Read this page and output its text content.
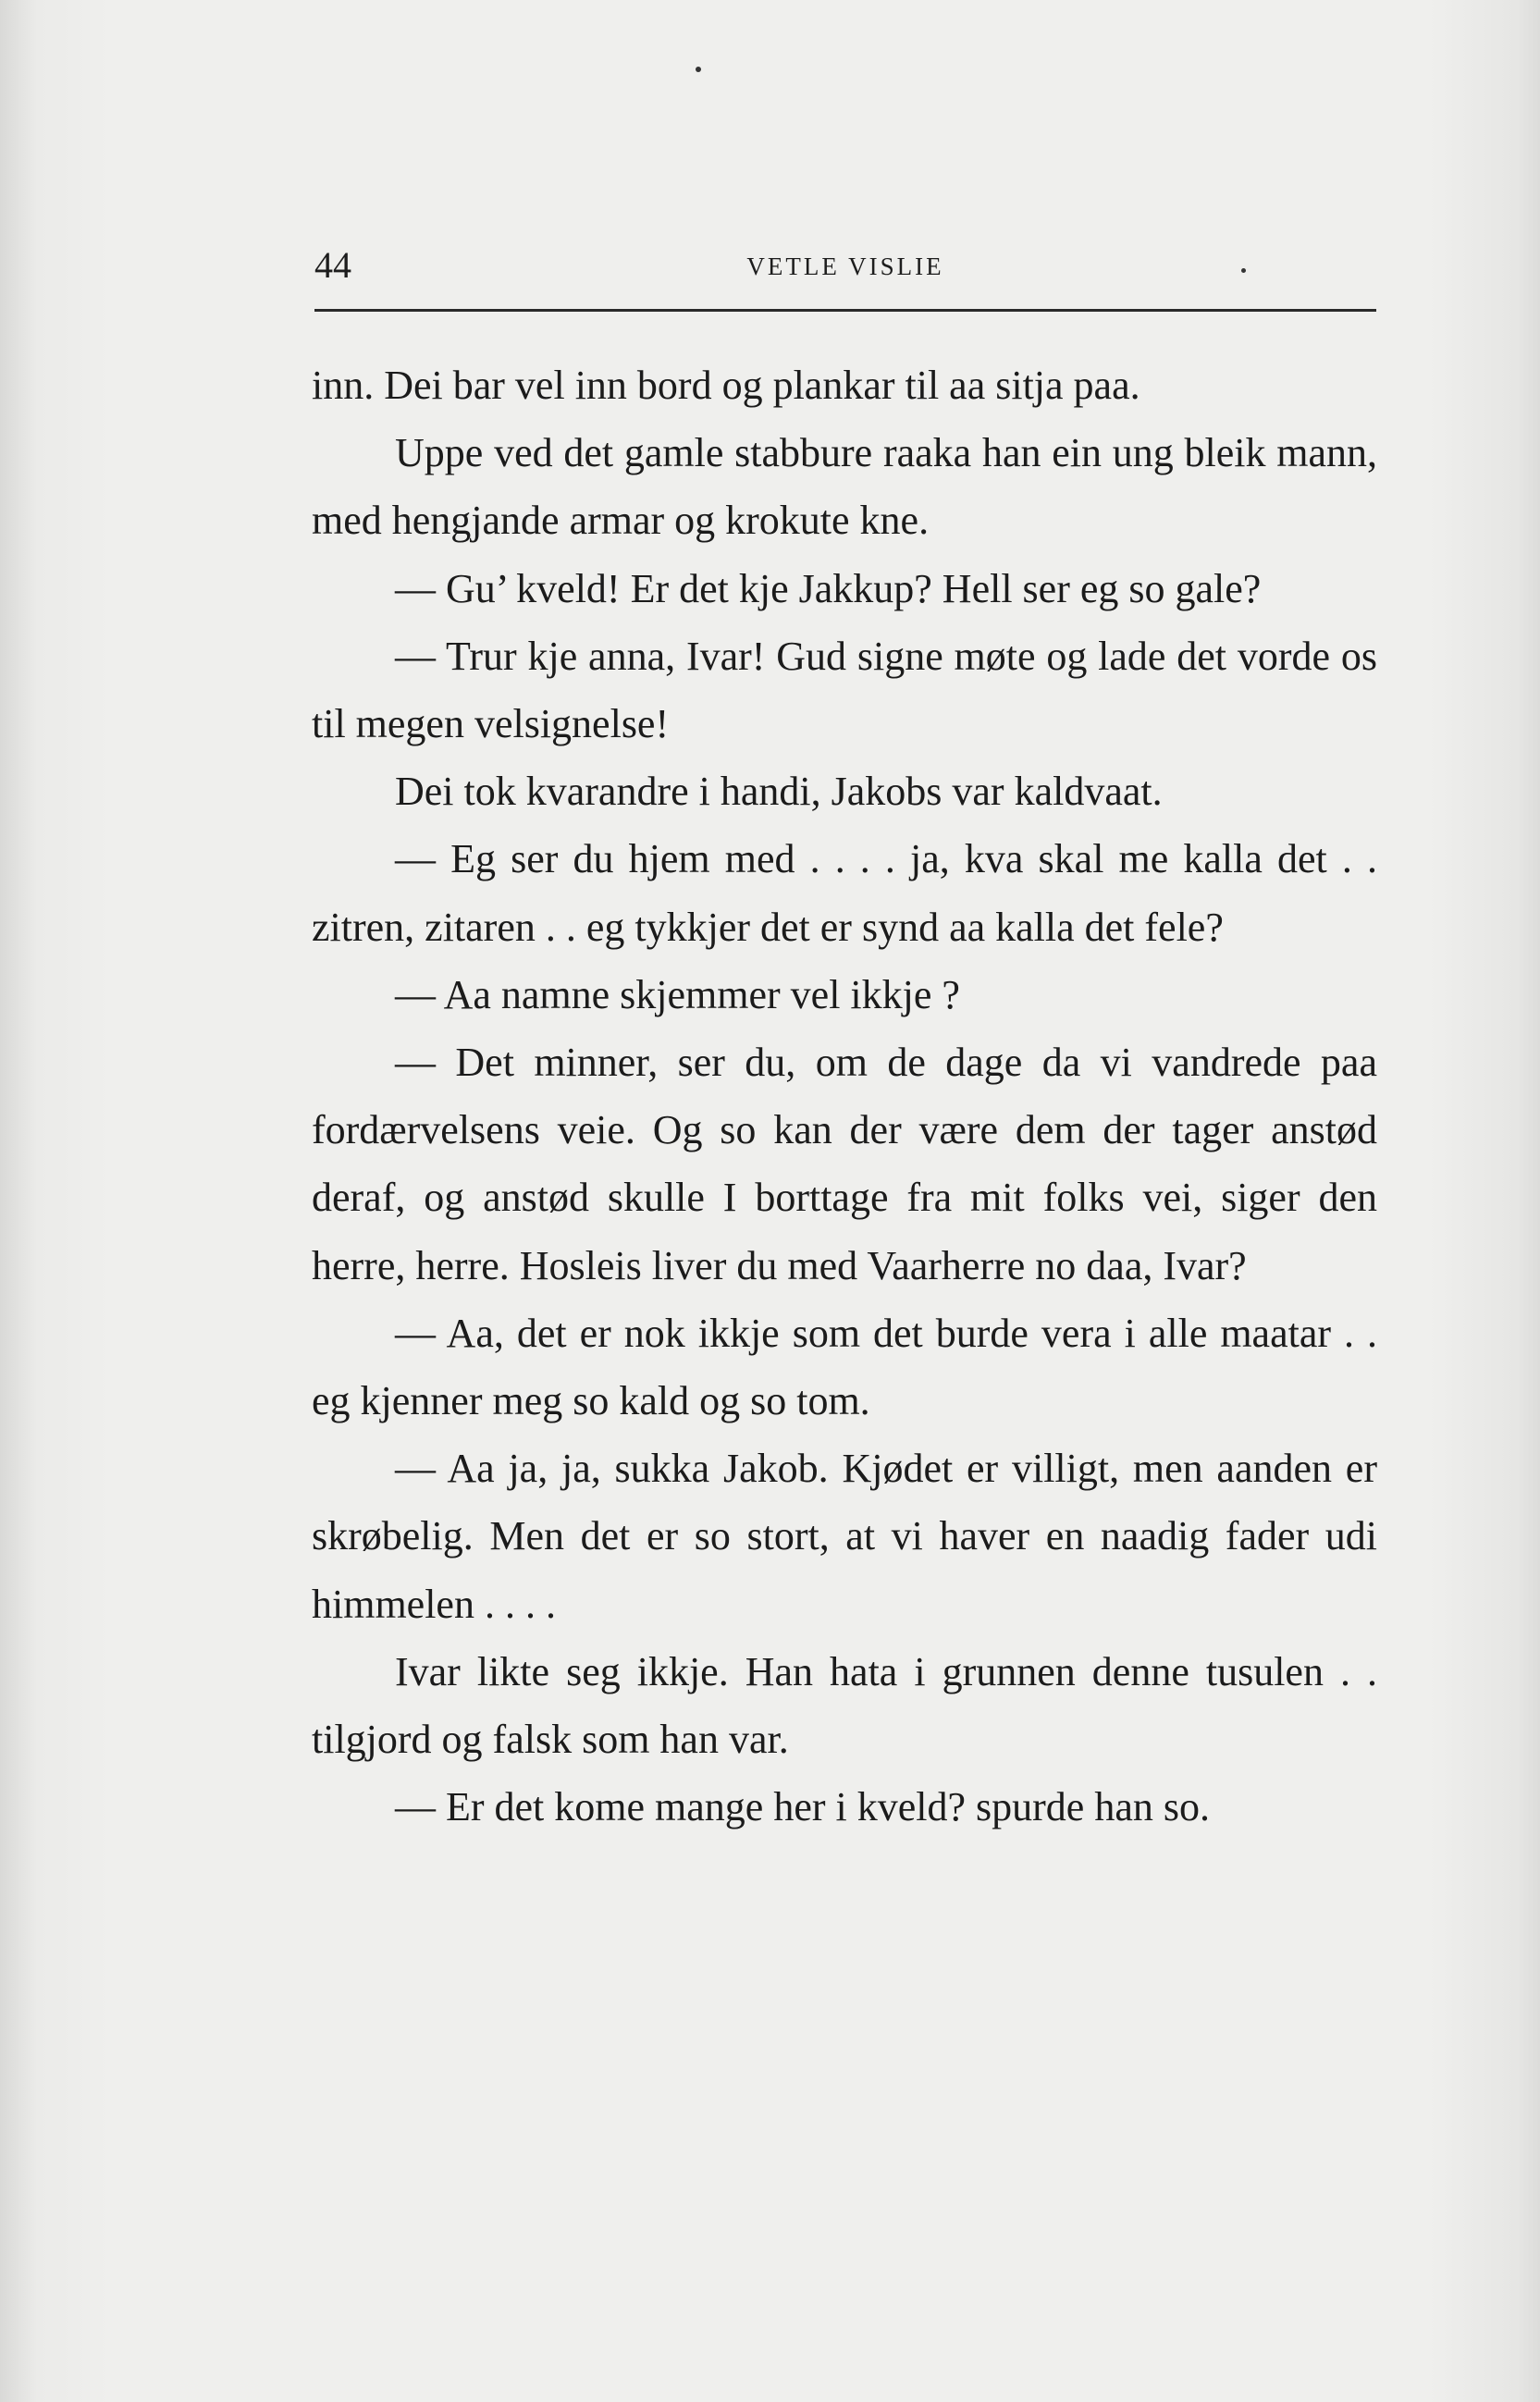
44	VETLE VISLIE

inn. Dei bar vel inn bord og plankar til aa sitja paa.

Uppe ved det gamle stabbure raaka han ein ung bleik mann, med hengjande armar og krokute kne.

— Gu’ kveld! Er det kje Jakkup? Hell ser eg so gale?

— Trur kje anna, Ivar! Gud signe møte og lade det vorde os til megen velsignelse!

Dei tok kvarandre i handi, Jakobs var kaldvaat.

— Eg ser du hjem med . . . . ja, kva skal me kalla det . . zitren, zitaren . . eg tykkjer det er synd aa kalla det fele?

— Aa namne skjemmer vel ikkje ?

— Det minner, ser du, om de dage da vi vandrede paa fordærvelsens veie. Og so kan der være dem der tager anstød deraf, og anstød skulle I borttage fra mit folks vei, siger den herre, herre. Hosleis liver du med Vaarherre no daa, Ivar?

— Aa, det er nok ikkje som det burde vera i alle maatar . . eg kjenner meg so kald og so tom.

— Aa ja, ja, sukka Jakob. Kjødet er villigt, men aanden er skrøbelig. Men det er so stort, at vi haver en naadig fader udi himmelen . . . .

Ivar likte seg ikkje. Han hata i grunnen denne tusulen . . tilgjord og falsk som han var.

— Er det kome mange her i kveld? spurde han so.
